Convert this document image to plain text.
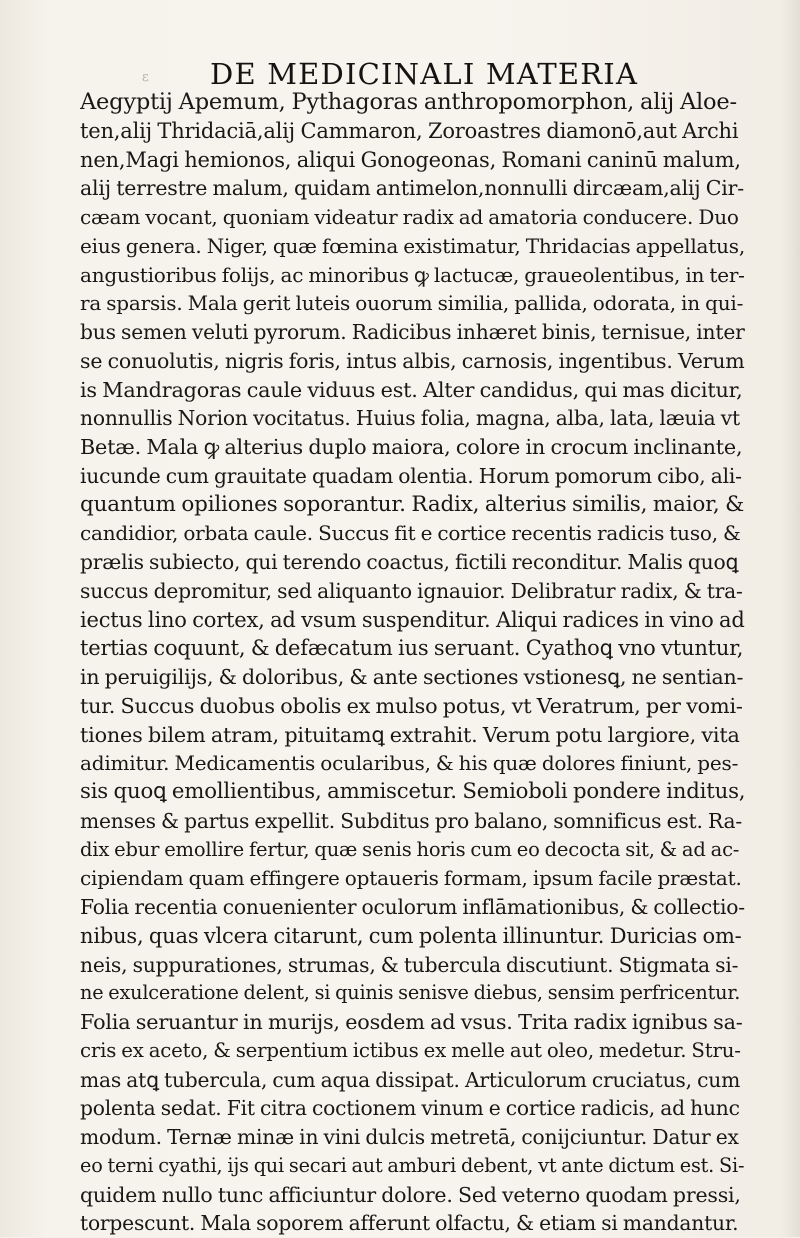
ε DE MEDICINALI MATERIA
Aegyptij Apemum, Pythagoras anthropomorphon, alij Aloe-
ten,alij Thridaciā,alij Cammaron, Zoroastres diamonō,aut Archi
nen,Magi hemionos, aliqui Gonogeonas, Romani caninū malum,
alij terrestre malum, quidam antimelon,nonnulli dircæam,alij Cir-
cæam vocant, quoniam videatur radix ad amatoria conducere. Duo
eius genera. Niger, quæ fœmina existimatur, Thridacias appellatus,
angustioribus folijs, ac minoribus ꝙ lactucæ, graueolentibus, in ter-
ra sparsis. Mala gerit luteis ouorum similia, pallida, odorata, in qui-
bus semen veluti pyrorum. Radicibus inhæret binis, ternisue, inter
se conuolutis, nigris foris, intus albis, carnosis, ingentibus. Verum
is Mandragoras caule viduus est. Alter candidus, qui mas dicitur,
nonnullis Norion vocitatus. Huius folia, magna, alba, lata, læuia vt
Betæ. Mala ꝙ alterius duplo maiora, colore in crocum inclinante,
iucunde cum grauitate quadam olentia. Horum pomorum cibo, ali-
quantum opiliones soporantur. Radix, alterius similis, maior, &
candidior, orbata caule. Succus fit e cortice recentis radicis tuso, &
prælis subiecto, qui terendo coactus, fictili reconditur. Malis quoꝗ
succus depromitur, sed aliquanto ignauior. Delibratur radix, & tra-
iectus lino cortex, ad vsum suspenditur. Aliqui radices in vino ad
tertias coquunt, & defæcatum ius seruant. Cyathoꝗ vno vtuntur,
in peruigilijs, & doloribus, & ante sectiones vstionesꝗ, ne sentian-
tur. Succus duobus obolis ex mulso potus, vt Veratrum, per vomi-
tiones bilem atram, pituitamꝗ extrahit. Verum potu largiore, vita
adimitur. Medicamentis ocularibus, & his quæ dolores finiunt, pes-
sis quoꝗ emollientibus, ammiscetur. Semioboli pondere inditus,
menses & partus expellit. Subditus pro balano, somnificus est. Ra-
dix ebur emollire fertur, quæ senis horis cum eo decocta sit, & ad ac-
cipiendam quam effingere optaueris formam, ipsum facile præstat.
Folia recentia conuenienter oculorum inflāmationibus, & collectio-
nibus, quas vlcera citarunt, cum polenta illinuntur. Duricias om-
neis, suppurationes, strumas, & tubercula discutiunt. Stigmata si-
ne exulceratione delent, si quinis senisve diebus, sensim perfricentur.
Folia seruantur in murijs, eosdem ad vsus. Trita radix ignibus sa-
cris ex aceto, & serpentium ictibus ex melle aut oleo, medetur. Stru-
mas atꝗ tubercula, cum aqua dissipat. Articulorum cruciatus, cum
polenta sedat. Fit citra coctionem vinum e cortice radicis, ad hunc
modum. Ternæ minæ in vini dulcis metretā, conijciuntur. Datur ex
eo terni cyathi, ijs qui secari aut amburi debent, vt ante dictum est. Si-
quidem nullo tunc afficiuntur dolore. Sed veterno quodam pressi,
torpescunt. Mala soporem afferunt olfactu, & etiam si mandantur.
